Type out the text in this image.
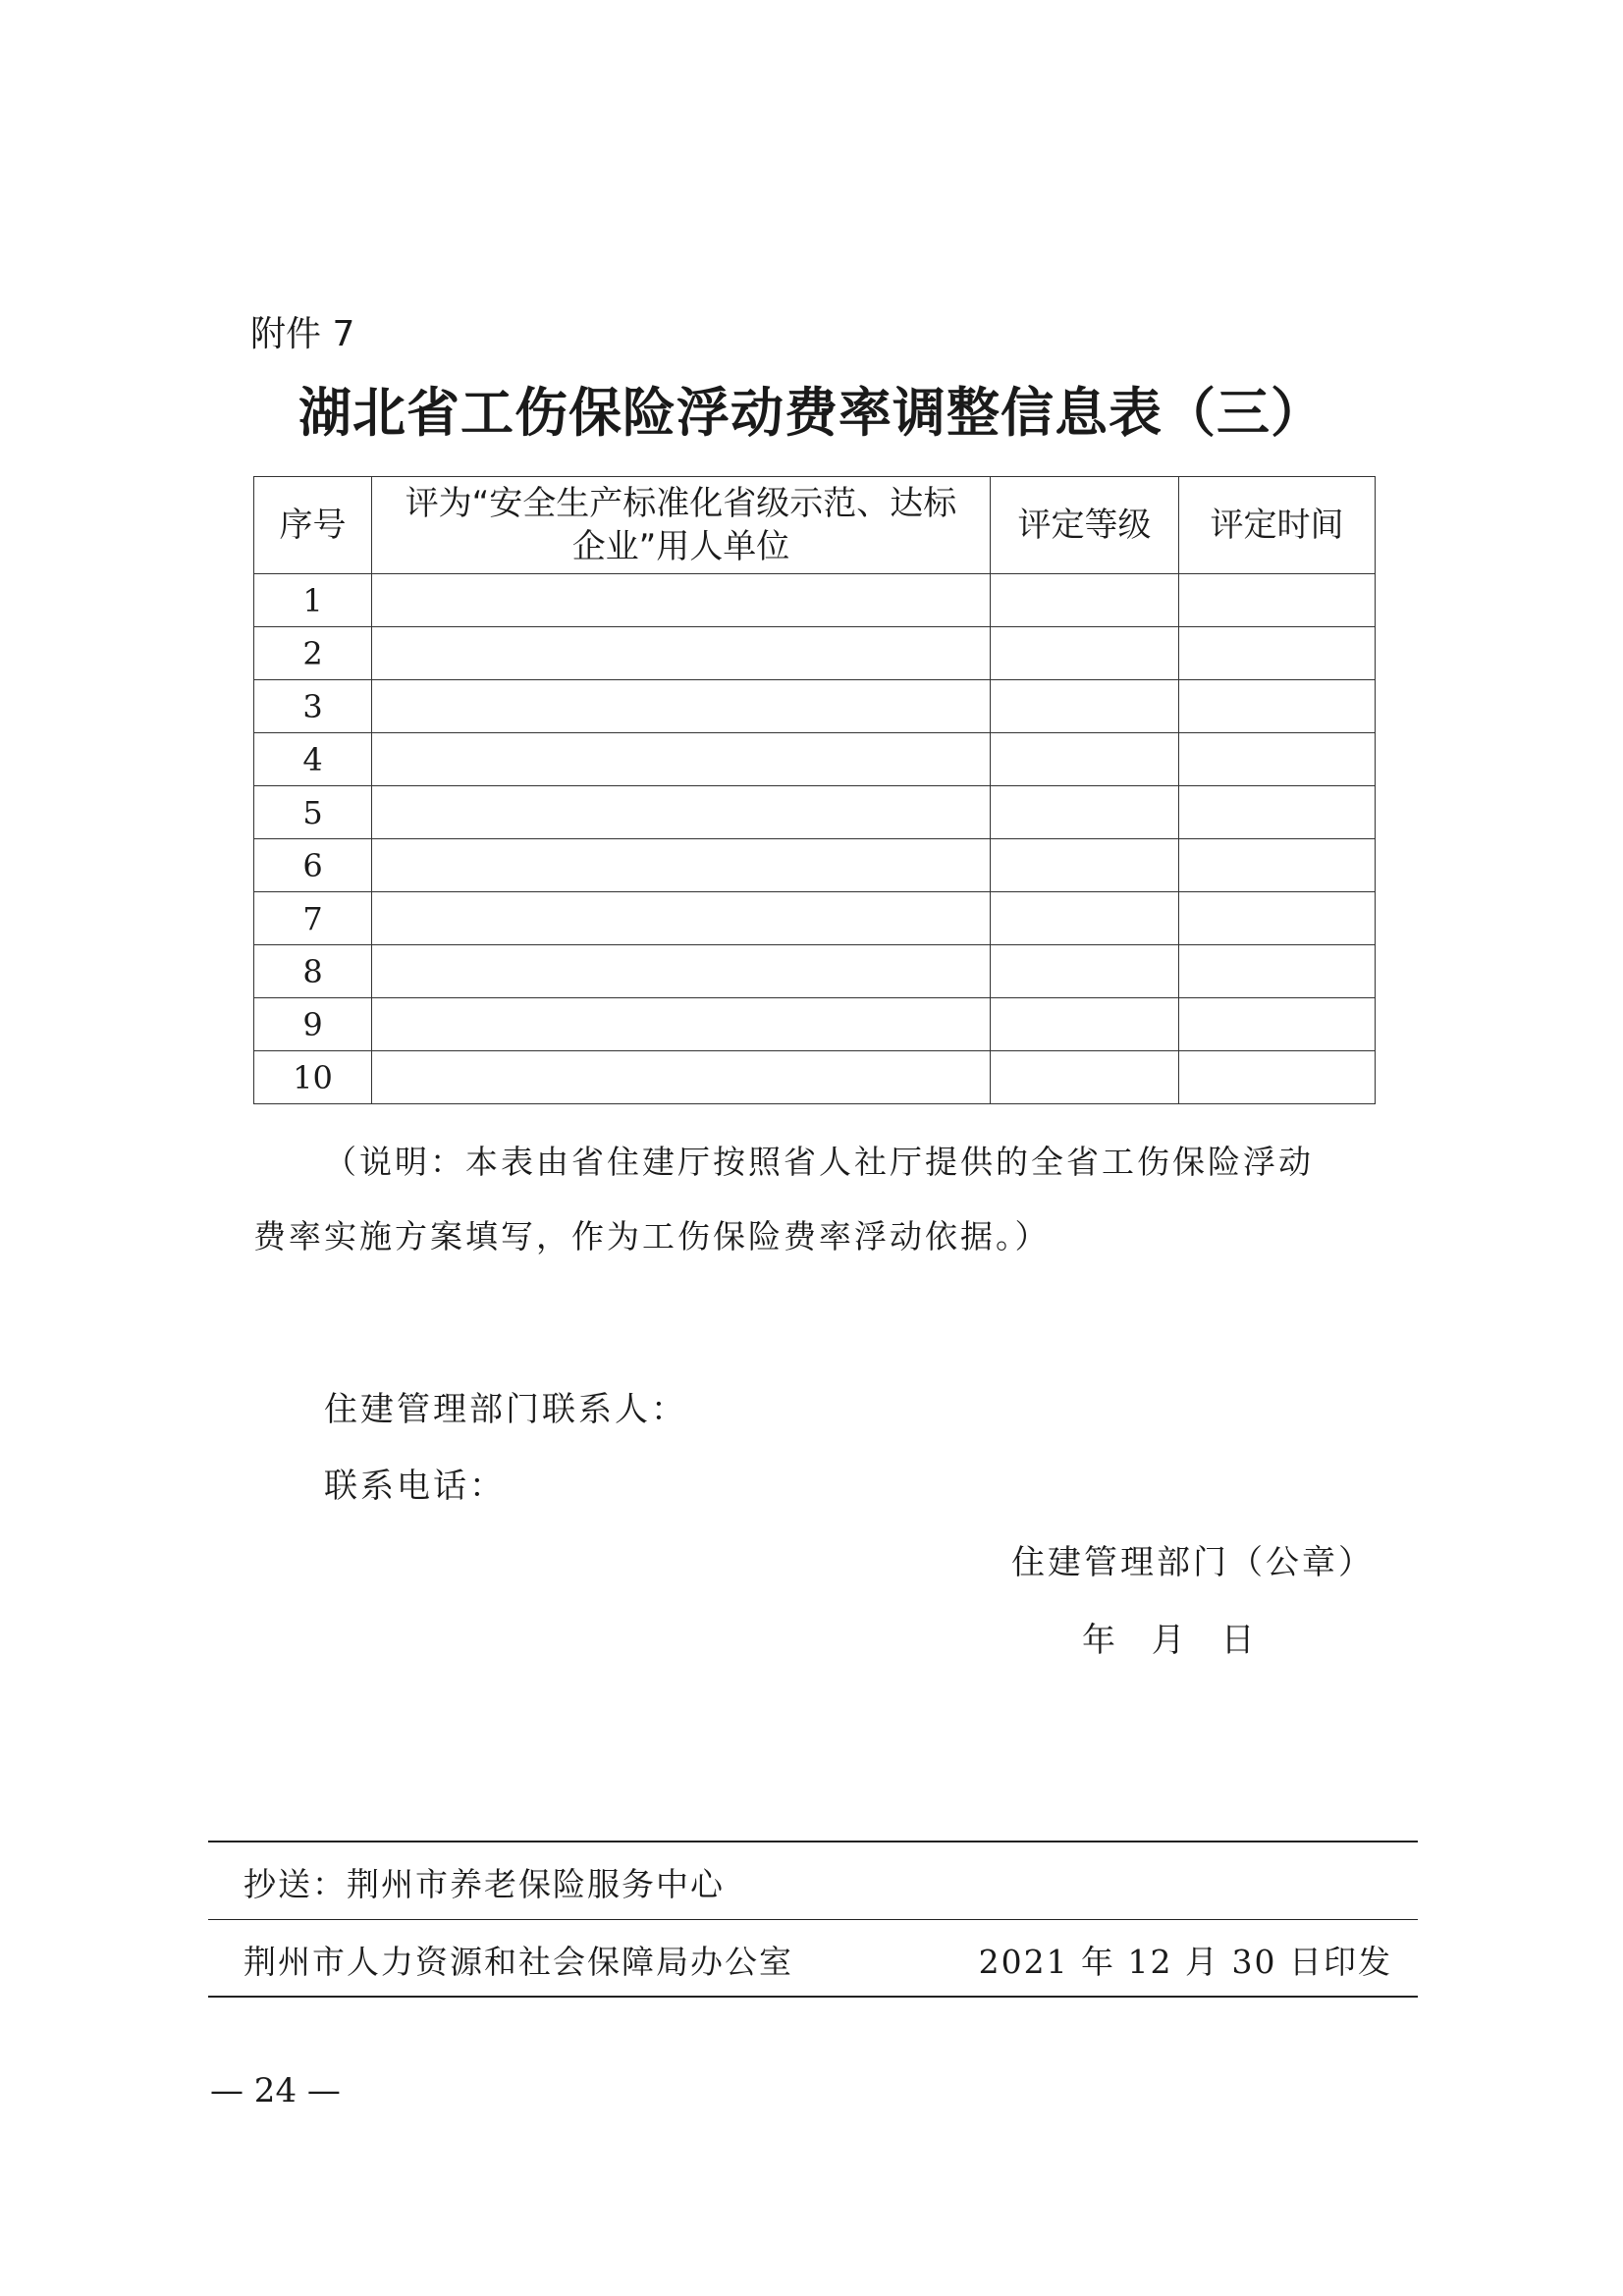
附件 7
湖北省工伤保险浮动费率调整信息表（三）
序号	评为“安全生产标准化省级示范、达标企业”用人单位	评定等级	评定时间
1			
2			
3			
4			
5			
6			
7			
8			
9			
10			
（说明：本表由省住建厅按照省人社厅提供的全省工伤保险浮动
费率实施方案填写，作为工伤保险费率浮动依据。）
住建管理部门联系人：
联系电话：
住建管理部门（公章）
年 月 日
抄送：荆州市养老保险服务中心
荆州市人力资源和社会保障局办公室	2021 年 12 月 30 日印发
— 24 —
